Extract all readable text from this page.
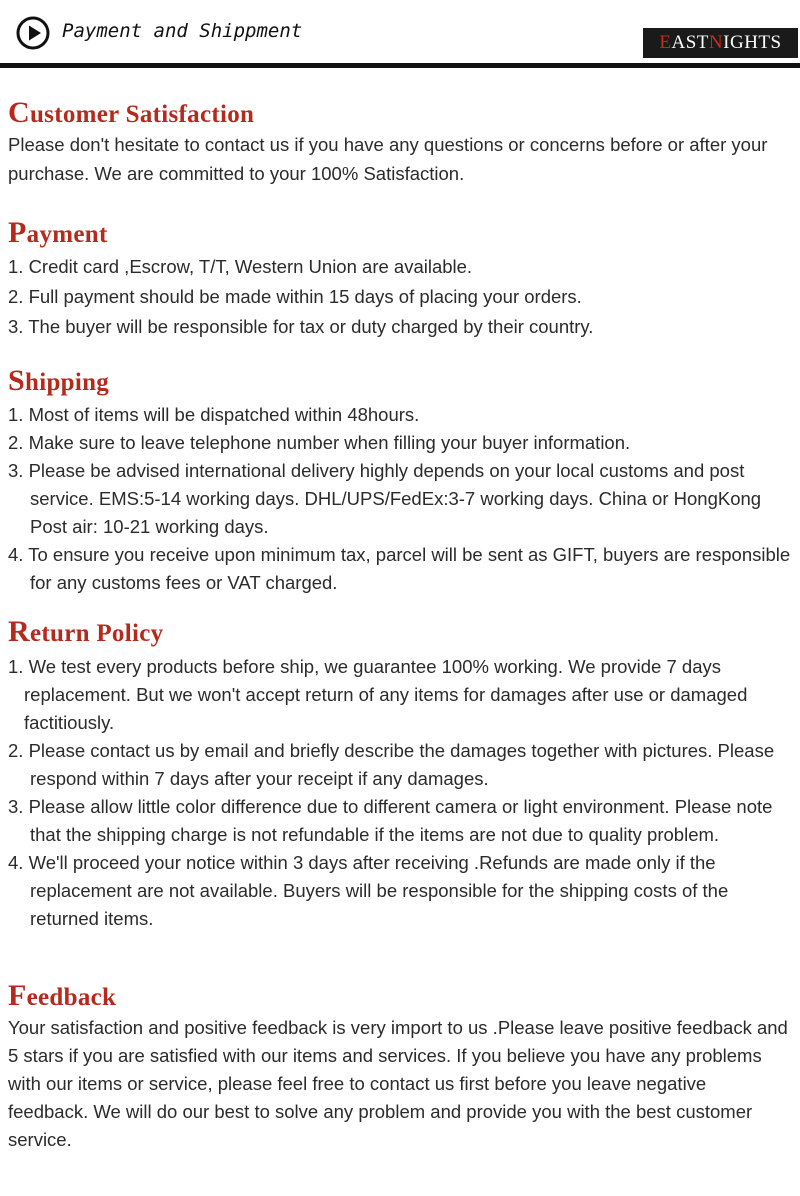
Payment and Shippment
EASTNIGHTS
Customer Satisfaction
Please don't hesitate to contact us if you have any questions or concerns before or after your purchase. We are committed to your 100% Satisfaction.
Payment
1. Credit card ,Escrow, T/T, Western Union are available.
2. Full payment should be made within 15 days of placing your orders.
3. The buyer will be responsible for tax or duty charged by their country.
Shipping
1. Most of items will be dispatched within 48hours.
2. Make sure to leave telephone number when filling your buyer information.
3. Please be advised international delivery highly depends on your local customs and post service. EMS:5-14 working days. DHL/UPS/FedEx:3-7 working days. China or HongKong Post air: 10-21 working days.
4. To ensure you receive upon minimum tax, parcel will be sent as GIFT, buyers are responsible for any customs fees or VAT charged.
Return Policy
1. We test every products before ship, we guarantee 100% working. We provide 7 days replacement. But we won't accept return of any items for damages after use or damaged factitiously.
2. Please contact us by email and briefly describe the damages together with pictures. Please respond within 7 days after your receipt if any damages.
3. Please allow little color difference due to different camera or light environment. Please note that the shipping charge is not refundable if the items are not due to quality problem.
4. We'll proceed your notice within 3 days after receiving .Refunds are made only if the replacement are not available. Buyers will be responsible for the shipping costs of the returned items.
Feedback
Your satisfaction and positive feedback is very import to us .Please leave positive feedback and 5 stars if you are satisfied with our items and services. If you believe you have any problems with our items or service, please feel free to contact us first before you leave negative feedback. We will do our best to solve any problem and provide you with the best customer service.
